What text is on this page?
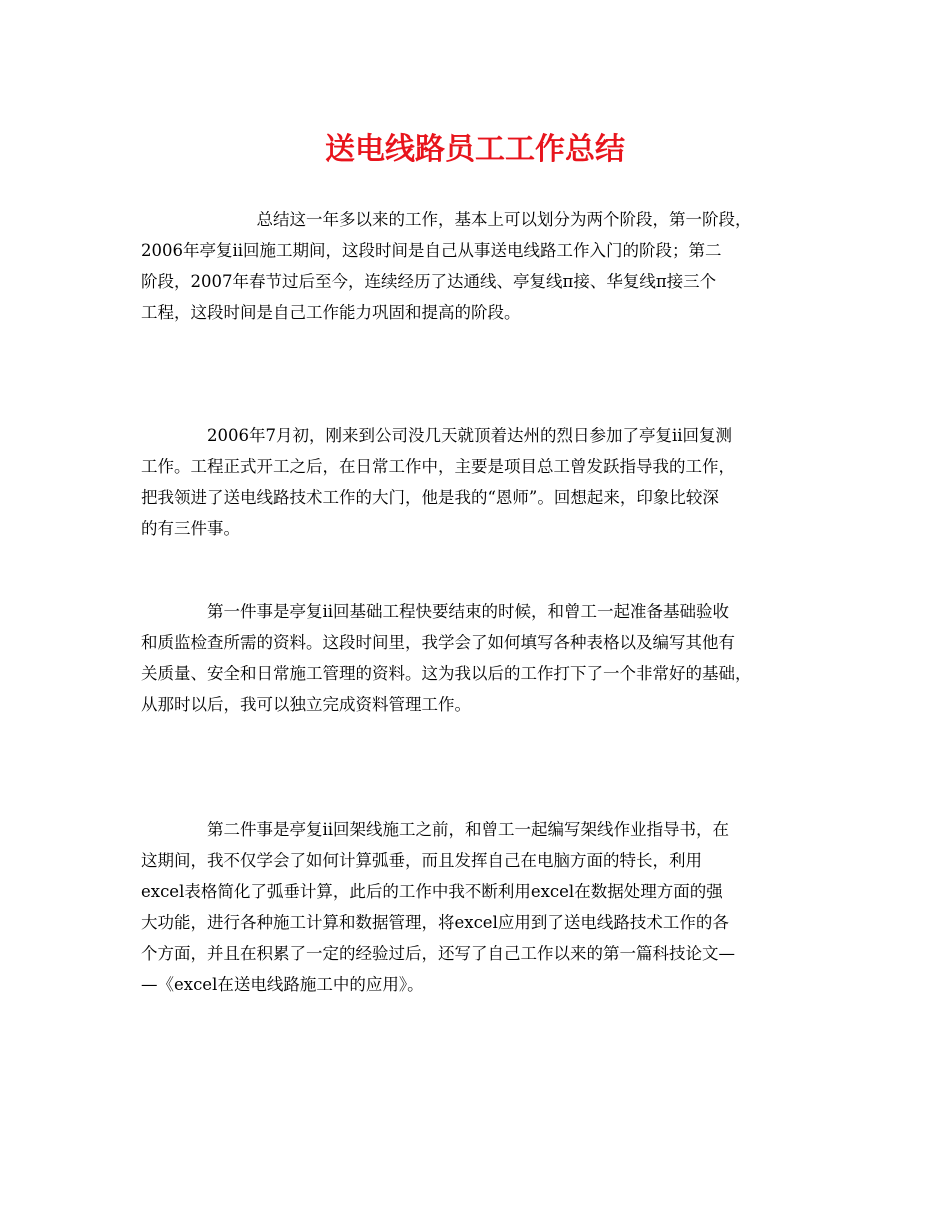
送电线路员工工作总结
　　　　　　　总结这一年多以来的工作，基本上可以划分为两个阶段，第一阶段，
2006年亭复ii回施工期间，这段时间是自己从事送电线路工作入门的阶段；第二
阶段，2007年春节过后至今，连续经历了达通线、亭复线π接、华复线π接三个
工程，这段时间是自己工作能力巩固和提高的阶段。
　　　　2006年7月初，刚来到公司没几天就顶着达州的烈日参加了亭复ii回复测
工作。工程正式开工之后，在日常工作中，主要是项目总工曾发跃指导我的工作，
把我领进了送电线路技术工作的大门，他是我的“恩师”。回想起来，印象比较深
的有三件事。
　　　　第一件事是亭复ii回基础工程快要结束的时候，和曾工一起准备基础验收
和质监检查所需的资料。这段时间里，我学会了如何填写各种表格以及编写其他有
关质量、安全和日常施工管理的资料。这为我以后的工作打下了一个非常好的基础，
从那时以后，我可以独立完成资料管理工作。
　　　　第二件事是亭复ii回架线施工之前，和曾工一起编写架线作业指导书，在
这期间，我不仅学会了如何计算弧垂，而且发挥自己在电脑方面的特长，利用
excel表格简化了弧垂计算，此后的工作中我不断利用excel在数据处理方面的强
大功能，进行各种施工计算和数据管理，将excel应用到了送电线路技术工作的各
个方面，并且在积累了一定的经验过后，还写了自己工作以来的第一篇科技论文—
—《excel在送电线路施工中的应用》。
